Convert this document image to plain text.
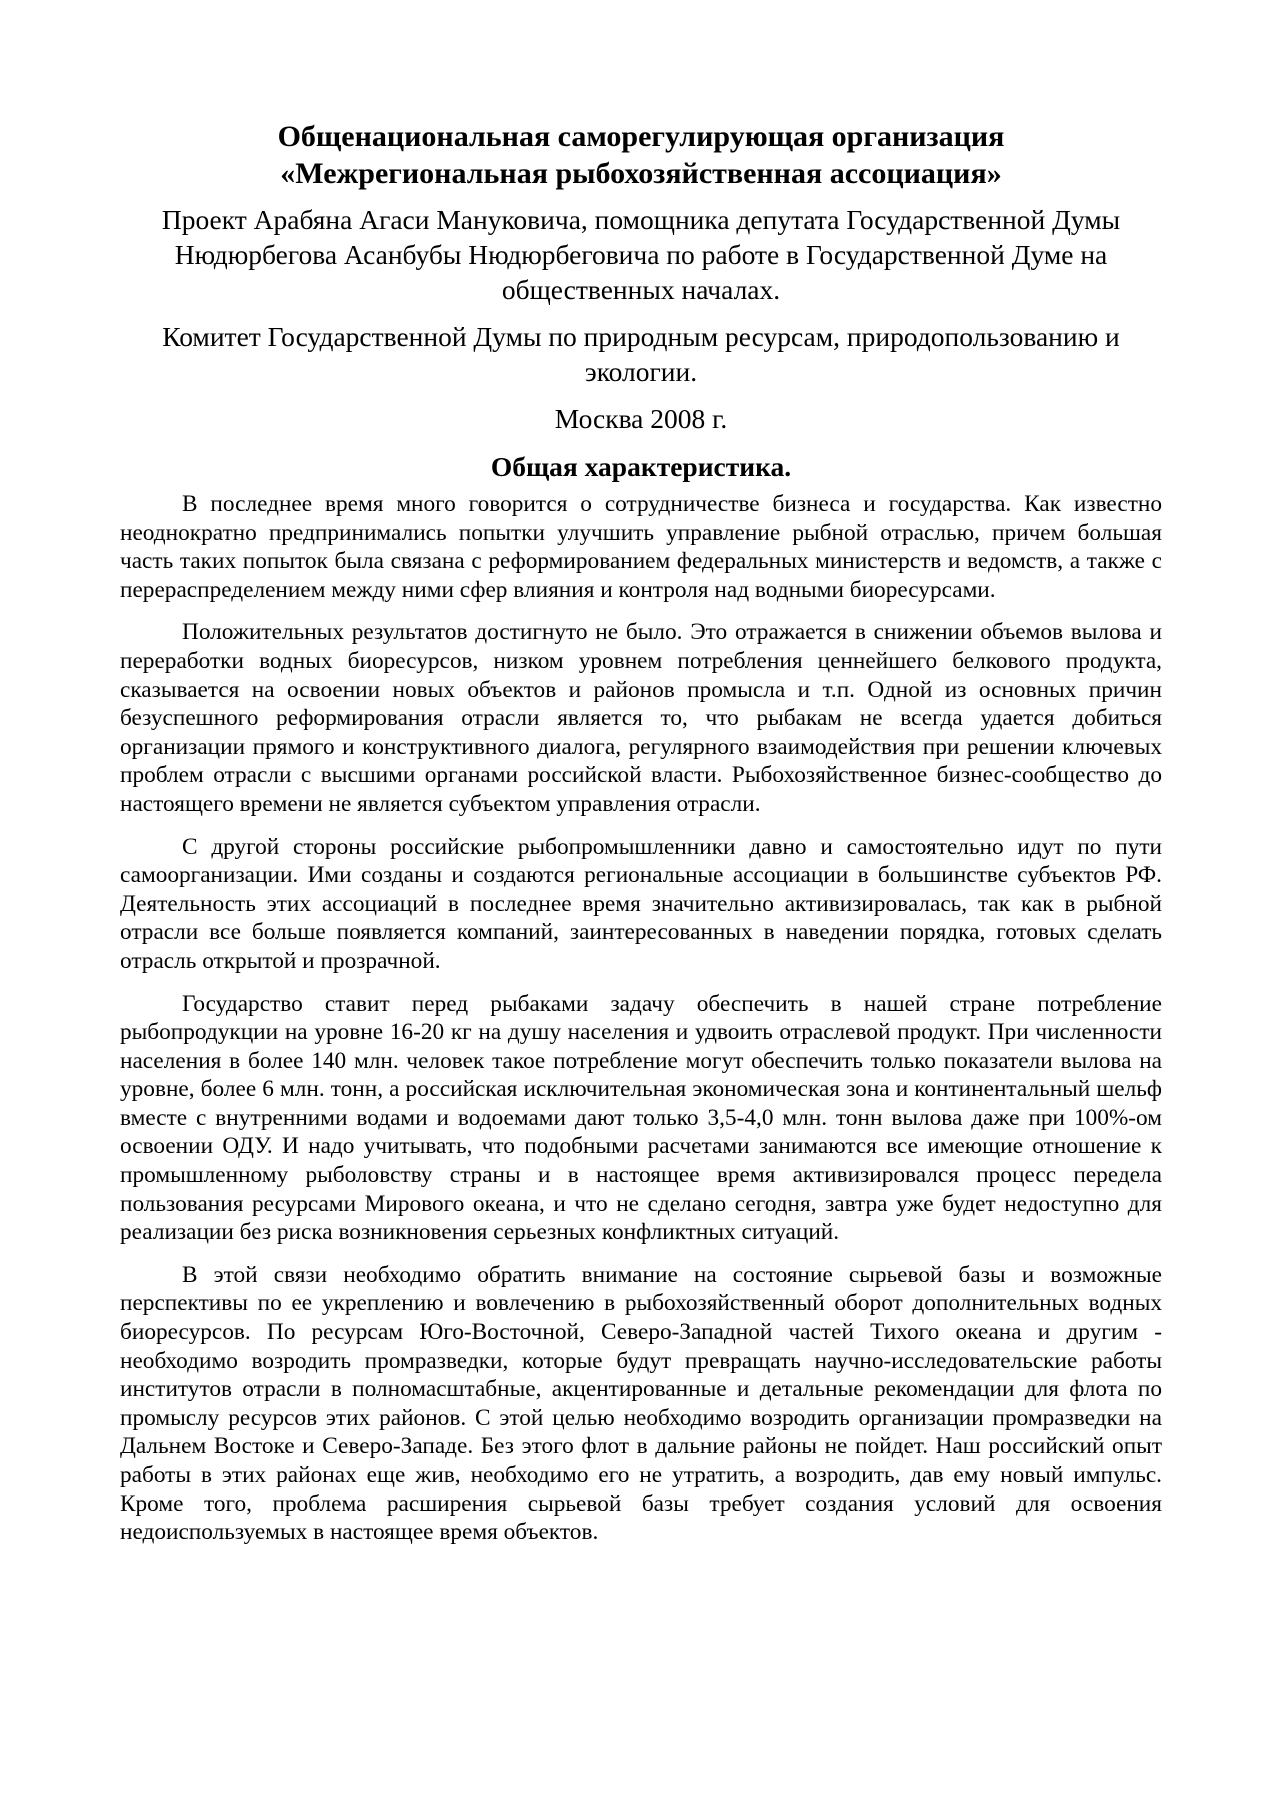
Общенациональная саморегулирующая организация
«Межрегиональная рыбохозяйственная ассоциация»

Проект Арабяна Агаси Мануковича, помощника депутата Государственной Думы Нюдюрбегова Асанбубы Нюдюрбеговича по работе в Государственной Думе на общественных началах.

Комитет Государственной Думы по природным ресурсам, природопользованию и экологии.

Москва 2008 г.

Общая характеристика.

В последнее время много говорится о сотрудничестве бизнеса и государства. Как известно неоднократно предпринимались попытки улучшить управление рыбной отраслью, причем большая часть таких попыток была связана с реформированием федеральных министерств и ведомств, а также с перераспределением между ними сфер влияния и контроля над водными биоресурсами.

Положительных результатов достигнуто не было. Это отражается в снижении объемов вылова и переработки водных биоресурсов, низком уровнем потребления ценнейшего белкового продукта, сказывается на освоении новых объектов и районов промысла и т.п. Одной из основных причин безуспешного реформирования отрасли является то, что рыбакам не всегда удается добиться организации прямого и конструктивного диалога, регулярного взаимодействия при решении ключевых проблем отрасли с высшими органами российской власти. Рыбохозяйственное бизнес-сообщество до настоящего времени не является субъектом управления отрасли.

С другой стороны российские рыбопромышленники давно и самостоятельно идут по пути самоорганизации. Ими созданы и создаются региональные ассоциации в большинстве субъектов РФ. Деятельность этих ассоциаций в последнее время значительно активизировалась, так как в рыбной отрасли все больше появляется компаний, заинтересованных в наведении порядка, готовых сделать отрасль открытой и прозрачной.

Государство ставит перед рыбаками задачу обеспечить в нашей стране потребление рыбопродукции на уровне 16-20 кг на душу населения и удвоить отраслевой продукт. При численности населения в более 140 млн. человек такое потребление могут обеспечить только показатели вылова на уровне, более 6 млн. тонн, а российская исключительная экономическая зона и континентальный шельф вместе с внутренними водами и водоемами дают только 3,5-4,0 млн. тонн вылова даже при 100%-ом освоении ОДУ. И надо учитывать, что подобными расчетами занимаются все имеющие отношение к промышленному рыболовству страны и в настоящее время активизировался процесс передела пользования ресурсами Мирового океана, и что не сделано сегодня, завтра уже будет недоступно для реализации без риска возникновения серьезных конфликтных ситуаций.

В этой связи необходимо обратить внимание на состояние сырьевой базы и возможные перспективы по ее укреплению и вовлечению в рыбохозяйственный оборот дополнительных водных биоресурсов. По ресурсам Юго-Восточной, Северо-Западной частей Тихого океана и другим - необходимо возродить промразведки, которые будут превращать научно-исследовательские работы институтов отрасли в полномасштабные, акцентированные и детальные рекомендации для флота по промыслу ресурсов этих районов. С этой целью необходимо возродить организации промразведки на Дальнем Востоке и Северо-Западе. Без этого флот в дальние районы не пойдет. Наш российский опыт работы в этих районах еще жив, необходимо его не утратить, а возродить, дав ему новый импульс. Кроме того, проблема расширения сырьевой базы требует создания условий для освоения недоиспользуемых в настоящее время объектов.
